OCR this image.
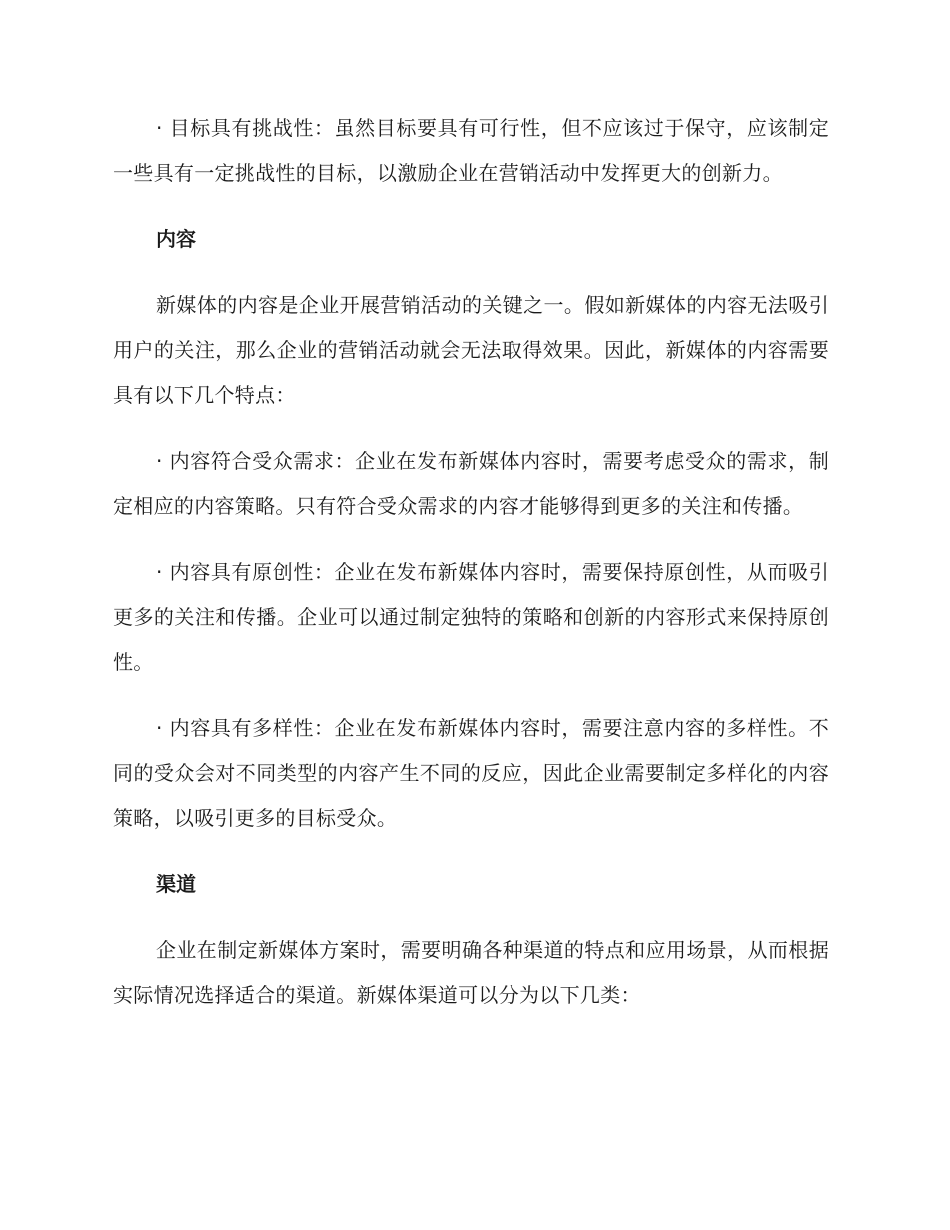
· 目标具有挑战性：虽然目标要具有可行性，但不应该过于保守，应该制定一些具有一定挑战性的目标，以激励企业在营销活动中发挥更大的创新力。

内容

新媒体的内容是企业开展营销活动的关键之一。假如新媒体的内容无法吸引用户的关注，那么企业的营销活动就会无法取得效果。因此，新媒体的内容需要具有以下几个特点：

· 内容符合受众需求：企业在发布新媒体内容时，需要考虑受众的需求，制定相应的内容策略。只有符合受众需求的内容才能够得到更多的关注和传播。

· 内容具有原创性：企业在发布新媒体内容时，需要保持原创性，从而吸引更多的关注和传播。企业可以通过制定独特的策略和创新的内容形式来保持原创性。

· 内容具有多样性：企业在发布新媒体内容时，需要注意内容的多样性。不同的受众会对不同类型的内容产生不同的反应，因此企业需要制定多样化的内容策略，以吸引更多的目标受众。

渠道

企业在制定新媒体方案时，需要明确各种渠道的特点和应用场景，从而根据实际情况选择适合的渠道。新媒体渠道可以分为以下几类：
